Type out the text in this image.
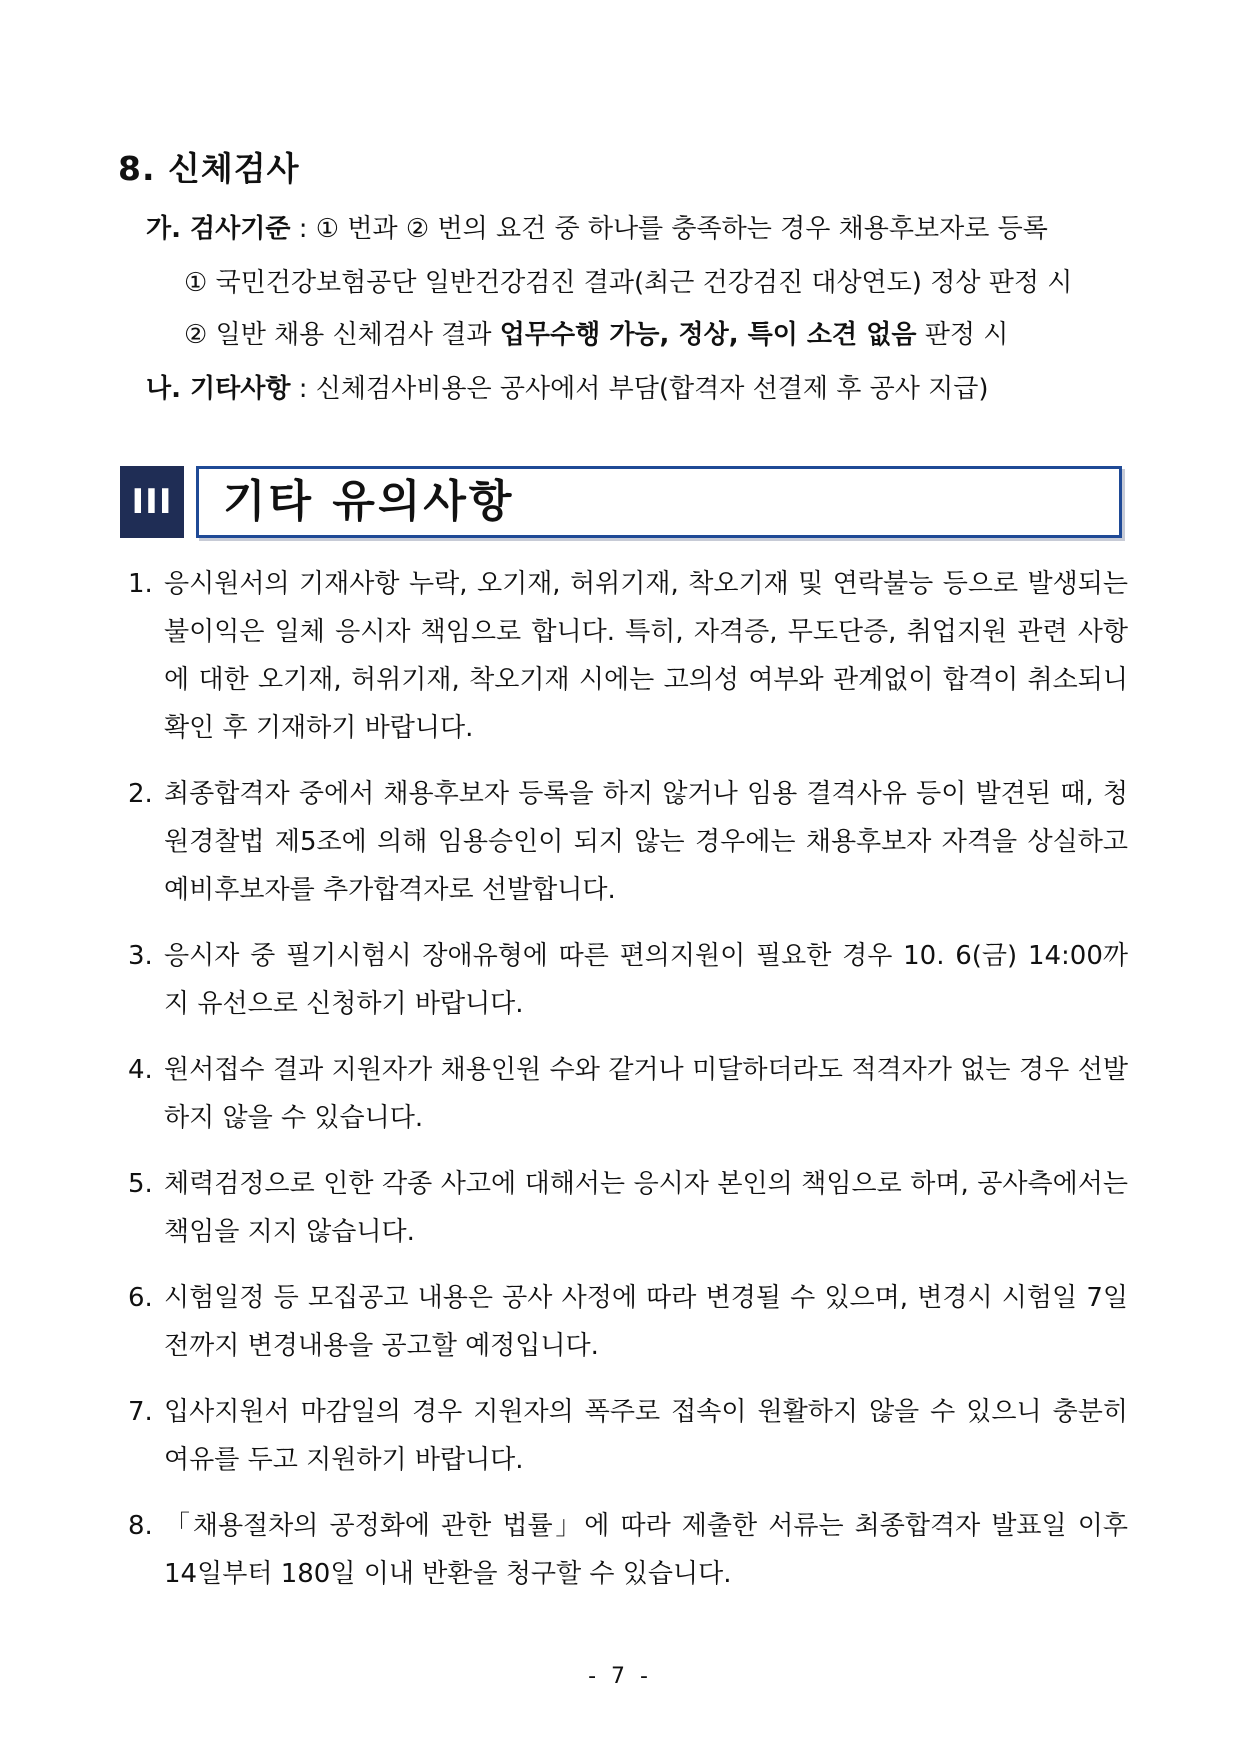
8. 신체검사
가. 검사기준 : ① 번과 ② 번의 요건 중 하나를 충족하는 경우 채용후보자로 등록
① 국민건강보험공단 일반건강검진 결과(최근 건강검진 대상연도) 정상 판정 시
② 일반 채용 신체검사 결과 업무수행 가능, 정상, 특이 소견 없음 판정 시
나. 기타사항 : 신체검사비용은 공사에서 부담(합격자 선결제 후 공사 지급)
III 기타 유의사항
1. 응시원서의 기재사항 누락, 오기재, 허위기재, 착오기재 및 연락불능 등으로 발생되는 불이익은 일체 응시자 책임으로 합니다. 특히, 자격증, 무도단증, 취업지원 관련 사항에 대한 오기재, 허위기재, 착오기재 시에는 고의성 여부와 관계없이 합격이 취소되니 확인 후 기재하기 바랍니다.
2. 최종합격자 중에서 채용후보자 등록을 하지 않거나 임용 결격사유 등이 발견된 때, 청원경찰법 제5조에 의해 임용승인이 되지 않는 경우에는 채용후보자 자격을 상실하고 예비후보자를 추가합격자로 선발합니다.
3. 응시자 중 필기시험시 장애유형에 따른 편의지원이 필요한 경우 10. 6(금) 14:00까지 유선으로 신청하기 바랍니다.
4. 원서접수 결과 지원자가 채용인원 수와 같거나 미달하더라도 적격자가 없는 경우 선발하지 않을 수 있습니다.
5. 체력검정으로 인한 각종 사고에 대해서는 응시자 본인의 책임으로 하며, 공사측에서는 책임을 지지 않습니다.
6. 시험일정 등 모집공고 내용은 공사 사정에 따라 변경될 수 있으며, 변경시 시험일 7일 전까지 변경내용을 공고할 예정입니다.
7. 입사지원서 마감일의 경우 지원자의 폭주로 접속이 원활하지 않을 수 있으니 충분히 여유를 두고 지원하기 바랍니다.
8. 「채용절차의 공정화에 관한 법률」에 따라 제출한 서류는 최종합격자 발표일 이후 14일부터 180일 이내 반환을 청구할 수 있습니다.
- 7 -
